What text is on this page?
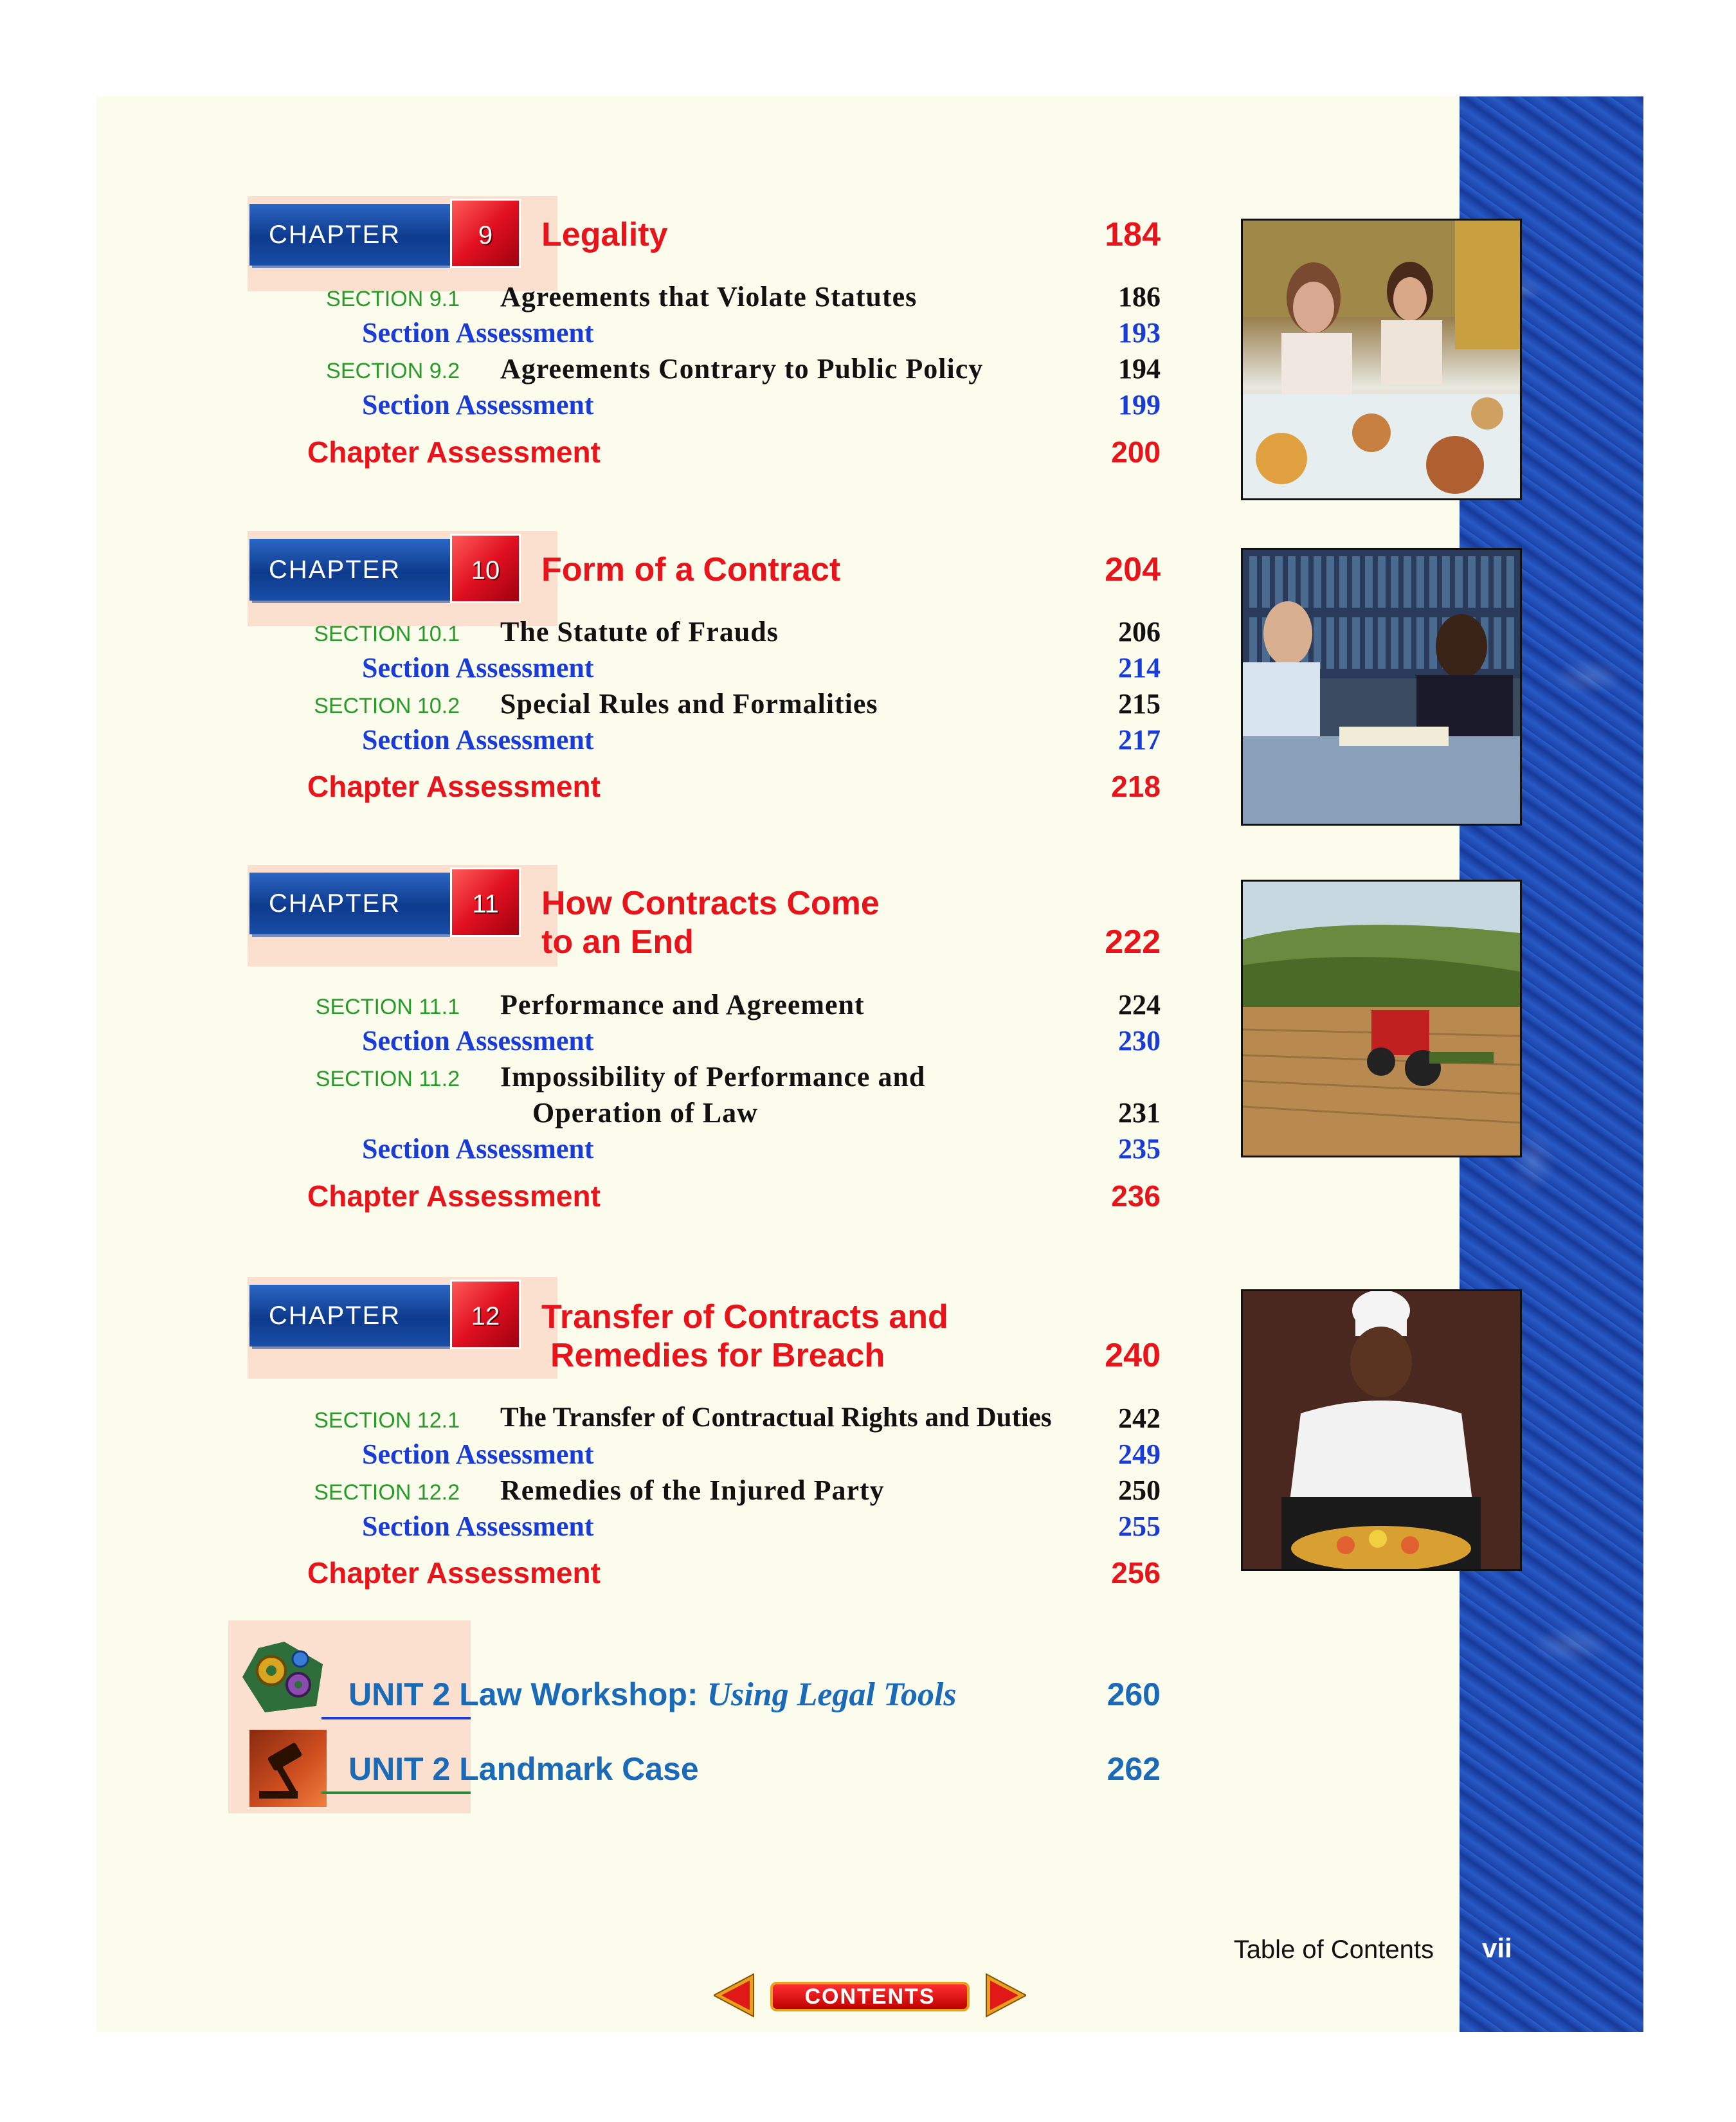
CHAPTER	9	Legality	184
SECTION 9.1 Agreements that Violate Statutes	186
Section Assessment	193
SECTION 9.2 Agreements Contrary to Public Policy	194
Section Assessment	199
Chapter Assessment	200
CHAPTER	10	Form of a Contract	204
SECTION 10.1 The Statute of Frauds	206
Section Assessment	214
SECTION 10.2 Special Rules and Formalities	215
Section Assessment	217
Chapter Assessment	218
CHAPTER	11	How Contracts Come
to an End	222
SECTION 11.1 Performance and Agreement	224
Section Assessment	230
SECTION 11.2 Impossibility of Performance and
Operation of Law	231
Section Assessment	235
Chapter Assessment	236
CHAPTER	12	Transfer of Contracts and
Remedies for Breach	240
SECTION 12.1 The Transfer of Contractual Rights and Duties 242
Section Assessment	249
SECTION 12.2 Remedies of the Injured Party	250
Section Assessment	255
Chapter Assessment	256
UNIT 2 Law Workshop: Using Legal Tools	260
UNIT 2 Landmark Case	262
Table of Contents vii
CONTENTS
